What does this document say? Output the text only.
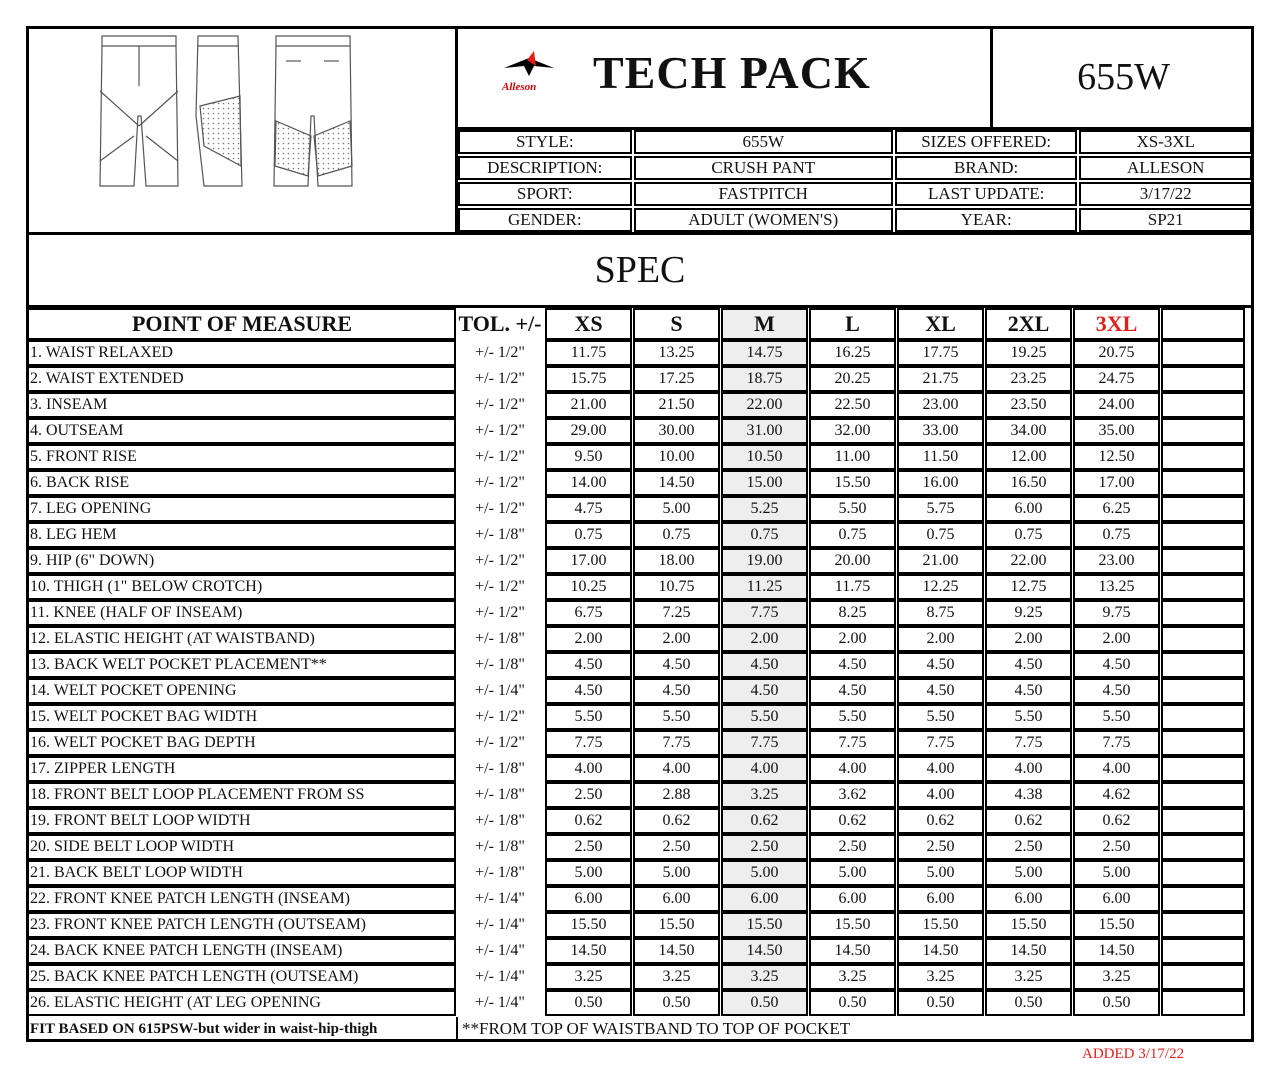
Alleson TECH PACK	655W
STYLE:	655W	SIZES OFFERED:	XS-3XL
DESCRIPTION:	CRUSH PANT	BRAND:	ALLESON
SPORT:	FASTPITCH	LAST UPDATE:	3/17/22
GENDER:	ADULT (WOMEN'S)	YEAR:	SP21
SPEC
POINT OF MEASURE	TOL. +/-	XS	S	M	L	XL	2XL	3XL
1. WAIST RELAXED	+/- 1/2"	11.75	13.25	14.75	16.25	17.75	19.25	20.75
2. WAIST EXTENDED	+/- 1/2"	15.75	17.25	18.75	20.25	21.75	23.25	24.75
3. INSEAM	+/- 1/2"	21.00	21.50	22.00	22.50	23.00	23.50	24.00
4. OUTSEAM	+/- 1/2"	29.00	30.00	31.00	32.00	33.00	34.00	35.00
5. FRONT RISE	+/- 1/2"	9.50	10.00	10.50	11.00	11.50	12.00	12.50
6. BACK RISE	+/- 1/2"	14.00	14.50	15.00	15.50	16.00	16.50	17.00
7. LEG OPENING	+/- 1/2"	4.75	5.00	5.25	5.50	5.75	6.00	6.25
8. LEG HEM	+/- 1/8"	0.75	0.75	0.75	0.75	0.75	0.75	0.75
9. HIP (6" DOWN)	+/- 1/2"	17.00	18.00	19.00	20.00	21.00	22.00	23.00
10. THIGH (1" BELOW CROTCH)	+/- 1/2"	10.25	10.75	11.25	11.75	12.25	12.75	13.25
11. KNEE (HALF OF INSEAM)	+/- 1/2"	6.75	7.25	7.75	8.25	8.75	9.25	9.75
12. ELASTIC HEIGHT (AT WAISTBAND)	+/- 1/8"	2.00	2.00	2.00	2.00	2.00	2.00	2.00
13. BACK WELT POCKET PLACEMENT**	+/- 1/8"	4.50	4.50	4.50	4.50	4.50	4.50	4.50
14. WELT POCKET OPENING	+/- 1/4"	4.50	4.50	4.50	4.50	4.50	4.50	4.50
15. WELT POCKET BAG WIDTH	+/- 1/2"	5.50	5.50	5.50	5.50	5.50	5.50	5.50
16. WELT POCKET BAG DEPTH	+/- 1/2"	7.75	7.75	7.75	7.75	7.75	7.75	7.75
17. ZIPPER LENGTH	+/- 1/8"	4.00	4.00	4.00	4.00	4.00	4.00	4.00
18. FRONT BELT LOOP PLACEMENT FROM SS	+/- 1/8"	2.50	2.88	3.25	3.62	4.00	4.38	4.62
19. FRONT BELT LOOP WIDTH	+/- 1/8"	0.62	0.62	0.62	0.62	0.62	0.62	0.62
20. SIDE BELT LOOP WIDTH	+/- 1/8"	2.50	2.50	2.50	2.50	2.50	2.50	2.50
21. BACK BELT LOOP WIDTH	+/- 1/8"	5.00	5.00	5.00	5.00	5.00	5.00	5.00
22. FRONT KNEE PATCH LENGTH (INSEAM)	+/- 1/4"	6.00	6.00	6.00	6.00	6.00	6.00	6.00
23. FRONT KNEE PATCH LENGTH (OUTSEAM)	+/- 1/4"	15.50	15.50	15.50	15.50	15.50	15.50	15.50
24. BACK KNEE PATCH LENGTH (INSEAM)	+/- 1/4"	14.50	14.50	14.50	14.50	14.50	14.50	14.50
25. BACK KNEE PATCH LENGTH (OUTSEAM)	+/- 1/4"	3.25	3.25	3.25	3.25	3.25	3.25	3.25
26. ELASTIC HEIGHT (AT LEG OPENING	+/- 1/4"	0.50	0.50	0.50	0.50	0.50	0.50	0.50
FIT BASED ON 615PSW-but wider in waist-hip-thigh	**FROM TOP OF WAISTBAND TO TOP OF POCKET
ADDED 3/17/22
